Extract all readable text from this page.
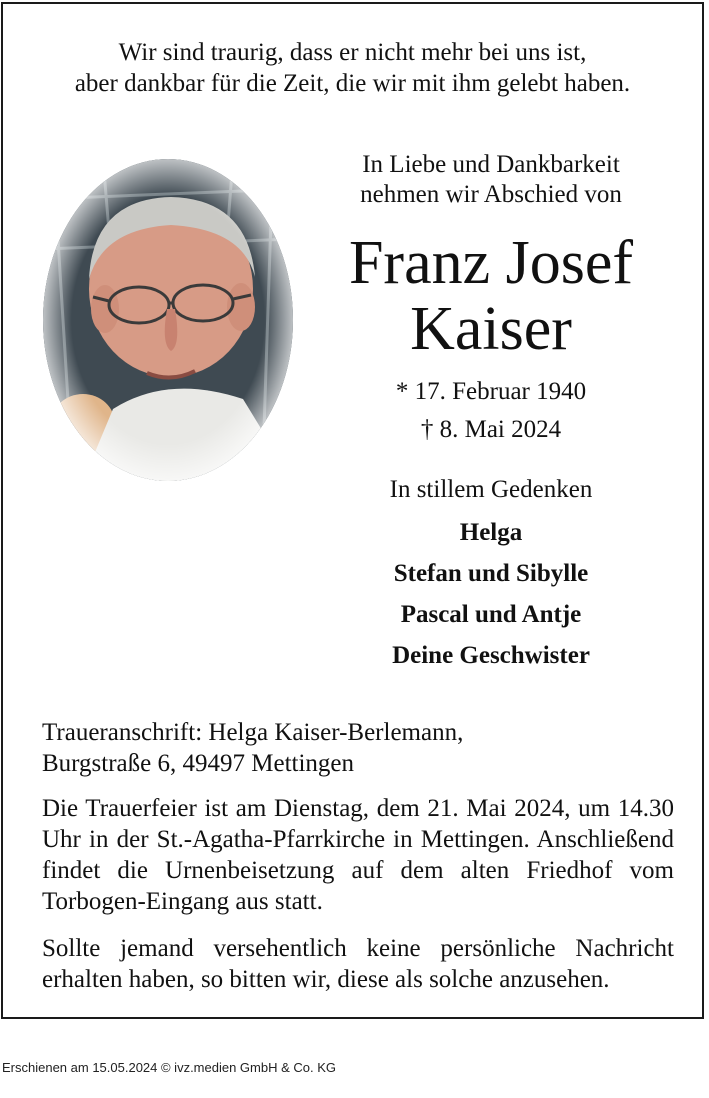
Wir sind traurig, dass er nicht mehr bei uns ist,
aber dankbar für die Zeit, die wir mit ihm gelebt haben.
In Liebe und Dankbarkeit
nehmen wir Abschied von
Franz Josef
Kaiser
* 17. Februar 1940
† 8. Mai 2024
In stillem Gedenken
Helga
Stefan und Sibylle
Pascal und Antje
Deine Geschwister
Traueranschrift: Helga Kaiser-Berlemann,
Burgstraße 6, 49497 Mettingen
Die Trauerfeier ist am Dienstag, dem 21. Mai 2024, um 14.30 Uhr in der St.-Agatha-Pfarrkirche in Mettingen. Anschließend findet die Urnenbeisetzung auf dem alten Friedhof vom Torbogen-Eingang aus statt.
Sollte jemand versehentlich keine persönliche Nachricht erhalten haben, so bitten wir, diese als solche anzusehen.
Erschienen am 15.05.2024 © ivz.medien GmbH & Co. KG
